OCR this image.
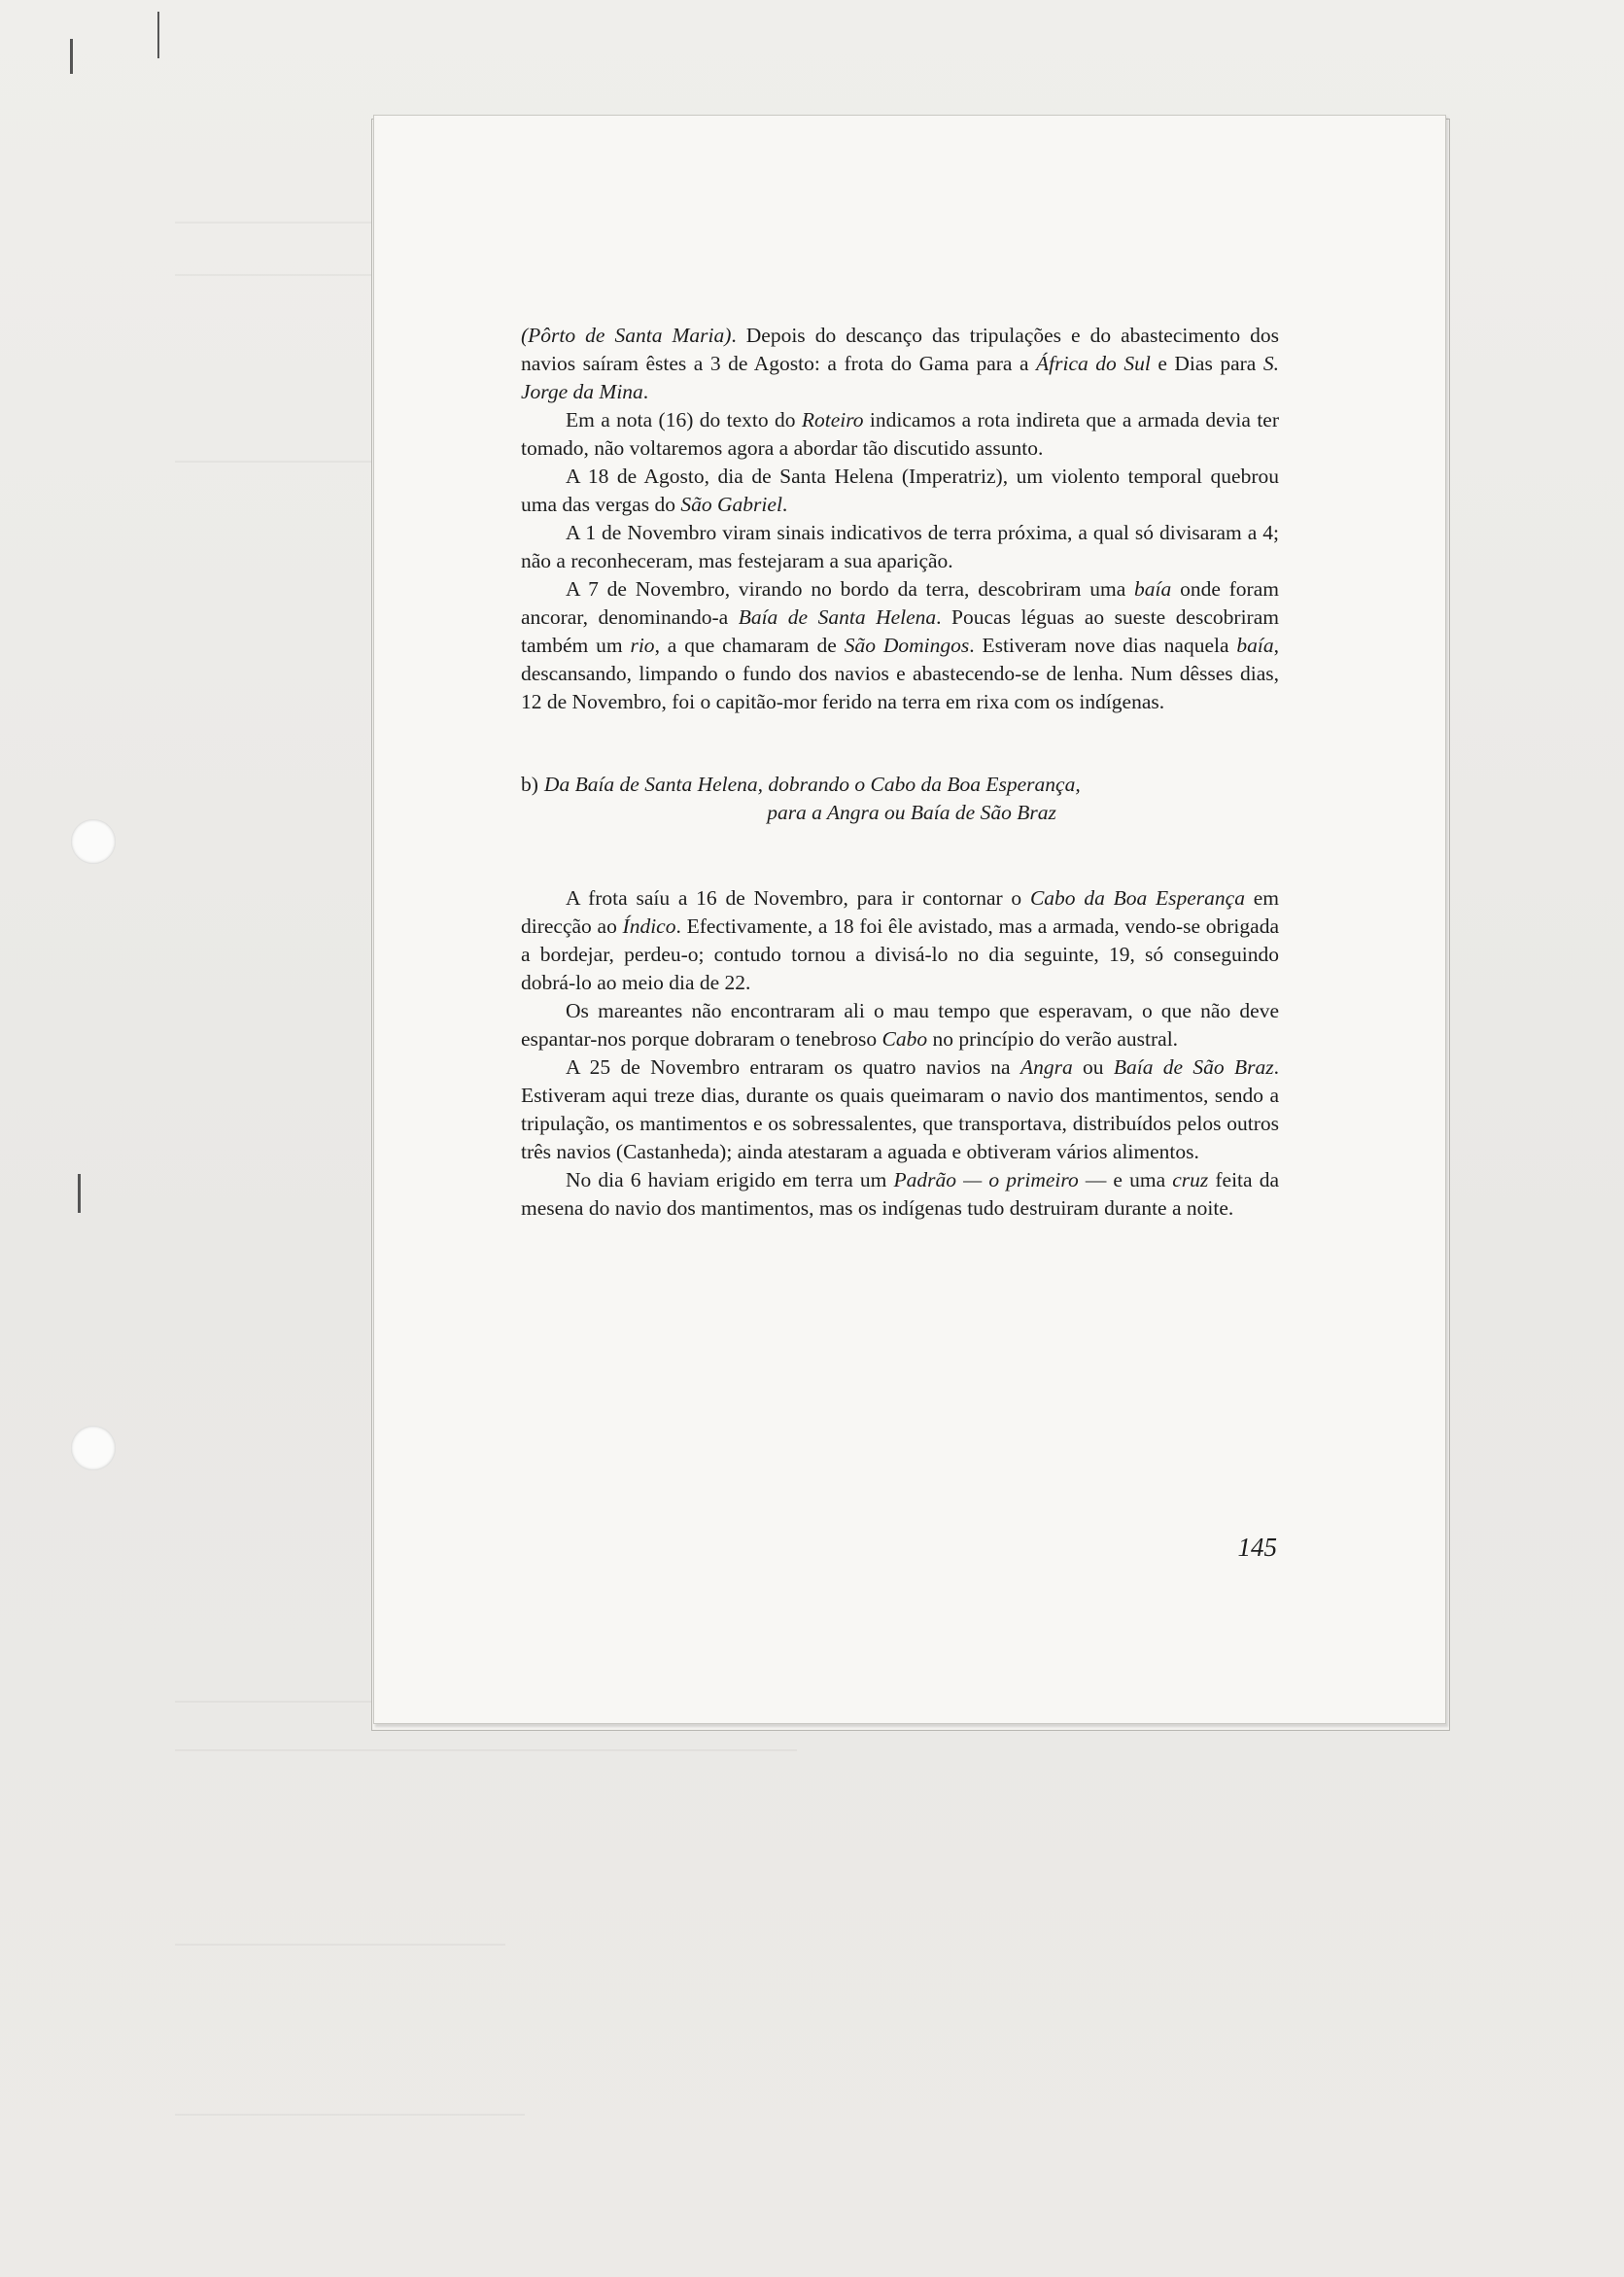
(Pôrto de Santa Maria). Depois do descanço das tripulações e do abastecimento dos navios saíram êstes a 3 de Agosto: a frota do Gama para a África do Sul e Dias para S. Jorge da Mina.

Em a nota (16) do texto do Roteiro indicamos a rota indireta que a armada devia ter tomado, não voltaremos agora a abordar tão discutido assunto.

A 18 de Agosto, dia de Santa Helena (Imperatriz), um violento temporal quebrou uma das vergas do São Gabriel.

A 1 de Novembro viram sinais indicativos de terra próxima, a qual só divisaram a 4; não a reconheceram, mas festejaram a sua aparição.

A 7 de Novembro, virando no bordo da terra, descobriram uma baía onde foram ancorar, denominando-a Baía de Santa Helena. Poucas léguas ao sueste descobriram também um rio, a que chamaram de São Domingos. Estiveram nove dias naquela baía, descansando, limpando o fundo dos navios e abastecendo-se de lenha. Num dêsses dias, 12 de Novembro, foi o capitão-mor ferido na terra em rixa com os indígenas.

b) Da Baía de Santa Helena, dobrando o Cabo da Boa Esperança,
para a Angra ou Baía de São Braz

A frota saíu a 16 de Novembro, para ir contornar o Cabo da Boa Esperança em direcção ao Índico. Efectivamente, a 18 foi êle avistado, mas a armada, vendo-se obrigada a bordejar, perdeu-o; contudo tornou a divisá-lo no dia seguinte, 19, só conseguindo dobrá-lo ao meio dia de 22.

Os mareantes não encontraram ali o mau tempo que esperavam, o que não deve espantar-nos porque dobraram o tenebroso Cabo no princípio do verão austral.

A 25 de Novembro entraram os quatro navios na Angra ou Baía de São Braz. Estiveram aqui treze dias, durante os quais queimaram o navio dos mantimentos, sendo a tripulação, os mantimentos e os sobressalentes, que transportava, distribuídos pelos outros três navios (Castanheda); ainda atestaram a aguada e obtiveram vários alimentos.

No dia 6 haviam erigido em terra um Padrão — o primeiro — e uma cruz feita da mesena do navio dos mantimentos, mas os indígenas tudo destruiram durante a noite.

145
